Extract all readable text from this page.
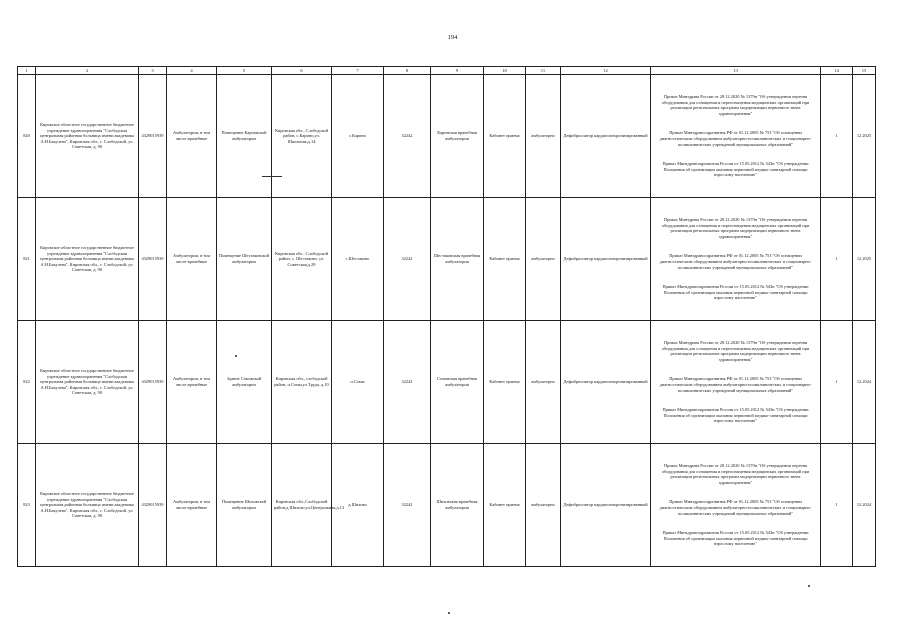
194
1	2	3	4	5	6	7	8	9	10	11	12	13	14	15
820	Кировское областное государственное бюджетное учреждение здравоохранения "Слободская центральная районная больница имени академика А.Н.Бакулева", Кировская обл., г. Слободской, ул. Советская, д. 90	4329015939	Амбулатории, в том числе врачебные	Помещение Карповской амбулатории	Кировская обл., Слободской район, с.Карино,ул. Школьная,д.14	с.Карино	32242	Каринская врачебная амбулатория	Кабинет приема	амбулаторно	Дефибриллятор кардиосинхронизированный	Приказ Минздрава России от 28.12.2020 № 1379н "Об утверждении перечня оборудования для оснащения и переоснащения медицинских организаций при реализации региональных программ модернизации первичного звена здравоохранения"

Приказ Минздравсоцразвития РФ от 01.12.2005 № 753 "Об оснащении диагностическим оборудованием амбулаторно-поликлинических и стационарно-поликлинических учреждений муниципальных образований"

Приказ Минздравсоцразвития России от 15.05.2012 № 543н "Об утверждении Положения об организации оказания первичной медико-санитарной помощи взрослому населению"	1	12.2025
821	Кировское областное государственное бюджетное учреждение здравоохранения "Слободская центральная районная больница имени академика А.Н.Бакулева", Кировская обл., г. Слободской, ул. Советская, д. 90	4329015939	Амбулатории, в том числе врачебные	Помещение Шестаковской амбулатории	Кировская обл., Слободской район, с. Шестаково, ул. Советская,д.29	с.Шестаково	32242	Шестаковская врачебная амбулатория	Кабинет приема	амбулаторно	Дефибриллятор кардиосинхронизированный	Приказ Минздрава России от 28.12.2020 № 1379н "Об утверждении перечня оборудования для оснащения и переоснащения медицинских организаций при реализации региональных программ модернизации первичного звена здравоохранения"

Приказ Минздравсоцразвития РФ от 01.12.2005 № 753 "Об оснащении диагностическим оборудованием амбулаторно-поликлинических и стационарно-поликлинических учреждений муниципальных образований"

Приказ Минздравсоцразвития России от 15.05.2012 № 543н "Об утверждении Положения об организации оказания первичной медико-санитарной помощи взрослому населению"	1	12.2025
822	Кировское областное государственное бюджетное учреждение здравоохранения "Слободская центральная районная больница имени академика А.Н.Бакулева", Кировская обл., г. Слободской, ул. Советская, д. 90	4329015939	Амбулатории, в том числе врачебные	Здание Сомовской амбулатории	Кировская обл., слободской район, п.Сомы,ул.Труда, д.10	п.Сомы	32242	Сомовская врачебная амбулатория	Кабинет приема	амбулаторно	Дефибриллятор кардиосинхронизированный	Приказ Минздрава России от 28.12.2020 № 1379н "Об утверждении перечня оборудования для оснащения и переоснащения медицинских организаций при реализации региональных программ модернизации первичного звена здравоохранения"

Приказ Минздравсоцразвития РФ от 01.12.2005 № 753 "Об оснащении диагностическим оборудованием амбулаторно-поликлинических и стационарно-поликлинических учреждений муниципальных образований"

Приказ Минздравсоцразвития России от 15.05.2012 № 543н "Об утверждении Положения об организации оказания первичной медико-санитарной помощи взрослому населению"	1	12.2024
823	Кировское областное государственное бюджетное учреждение здравоохранения "Слободская центральная районная больница имени академика А.Н.Бакулева", Кировская обл., г. Слободской, ул. Советская, д. 90	4329015939	Амбулатории, в том числе врачебные	Помещение Шиховской амбулатории	Кировская обл.,Слободской район,д.Шихово,ул.Центральная,д.13	д.Шихово	32242	Шиховская врачебная амбулатория	Кабинет приема	амбулаторно	Дефибриллятор кардиосинхронизированный	Приказ Минздрава России от 28.12.2020 № 1379н "Об утверждении перечня оборудования для оснащения и переоснащения медицинских организаций при реализации региональных программ модернизации первичного звена здравоохранения"

Приказ Минздравсоцразвития РФ от 01.12.2005 № 753 "Об оснащении диагностическим оборудованием амбулаторно-поликлинических и стационарно-поликлинических учреждений муниципальных образований"

Приказ Минздравсоцразвития России от 15.05.2012 № 543н "Об утверждении Положения об организации оказания первичной медико-санитарной помощи взрослому населению"	1	12.2024
